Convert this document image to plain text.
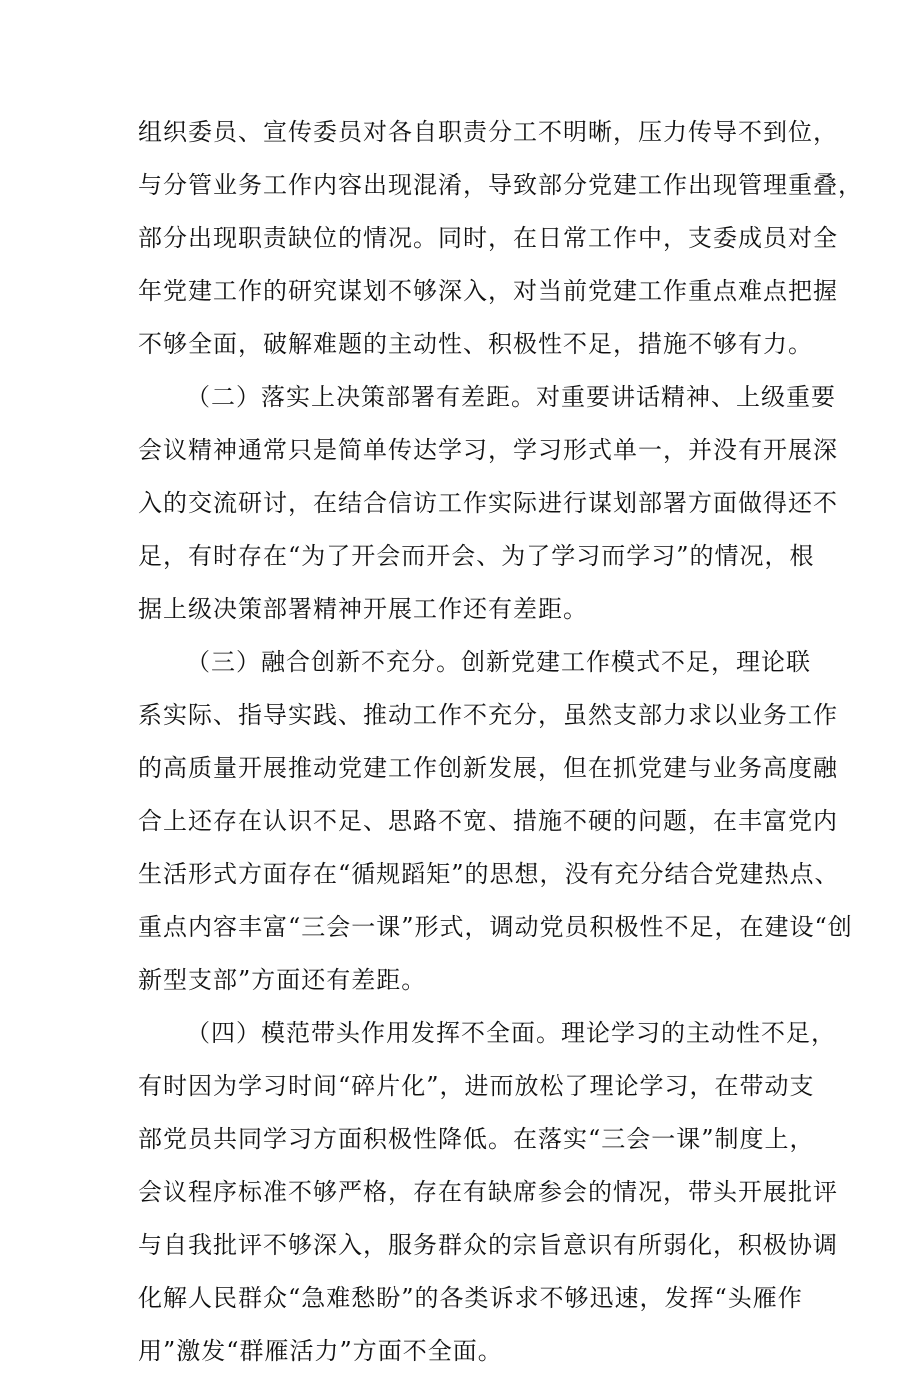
组织委员、宣传委员对各自职责分工不明晰，压力传导不到位，
与分管业务工作内容出现混淆，导致部分党建工作出现管理重叠，
部分出现职责缺位的情况。同时，在日常工作中，支委成员对全
年党建工作的研究谋划不够深入，对当前党建工作重点难点把握
不够全面，破解难题的主动性、积极性不足，措施不够有力。
（二）落实上决策部署有差距。对重要讲话精神、上级重要
会议精神通常只是简单传达学习，学习形式单一，并没有开展深
入的交流研讨，在结合信访工作实际进行谋划部署方面做得还不
足，有时存在“为了开会而开会、为了学习而学习”的情况，根
据上级决策部署精神开展工作还有差距。
（三）融合创新不充分。创新党建工作模式不足，理论联
系实际、指导实践、推动工作不充分，虽然支部力求以业务工作
的高质量开展推动党建工作创新发展，但在抓党建与业务高度融
合上还存在认识不足、思路不宽、措施不硬的问题，在丰富党内
生活形式方面存在“循规蹈矩”的思想，没有充分结合党建热点、
重点内容丰富“三会一课”形式，调动党员积极性不足，在建设“创
新型支部”方面还有差距。
（四）模范带头作用发挥不全面。理论学习的主动性不足，
有时因为学习时间“碎片化”，进而放松了理论学习，在带动支
部党员共同学习方面积极性降低。在落实“三会一课”制度上，
会议程序标准不够严格，存在有缺席参会的情况，带头开展批评
与自我批评不够深入，服务群众的宗旨意识有所弱化，积极协调
化解人民群众“急难愁盼”的各类诉求不够迅速，发挥“头雁作
用”激发“群雁活力”方面不全面。
